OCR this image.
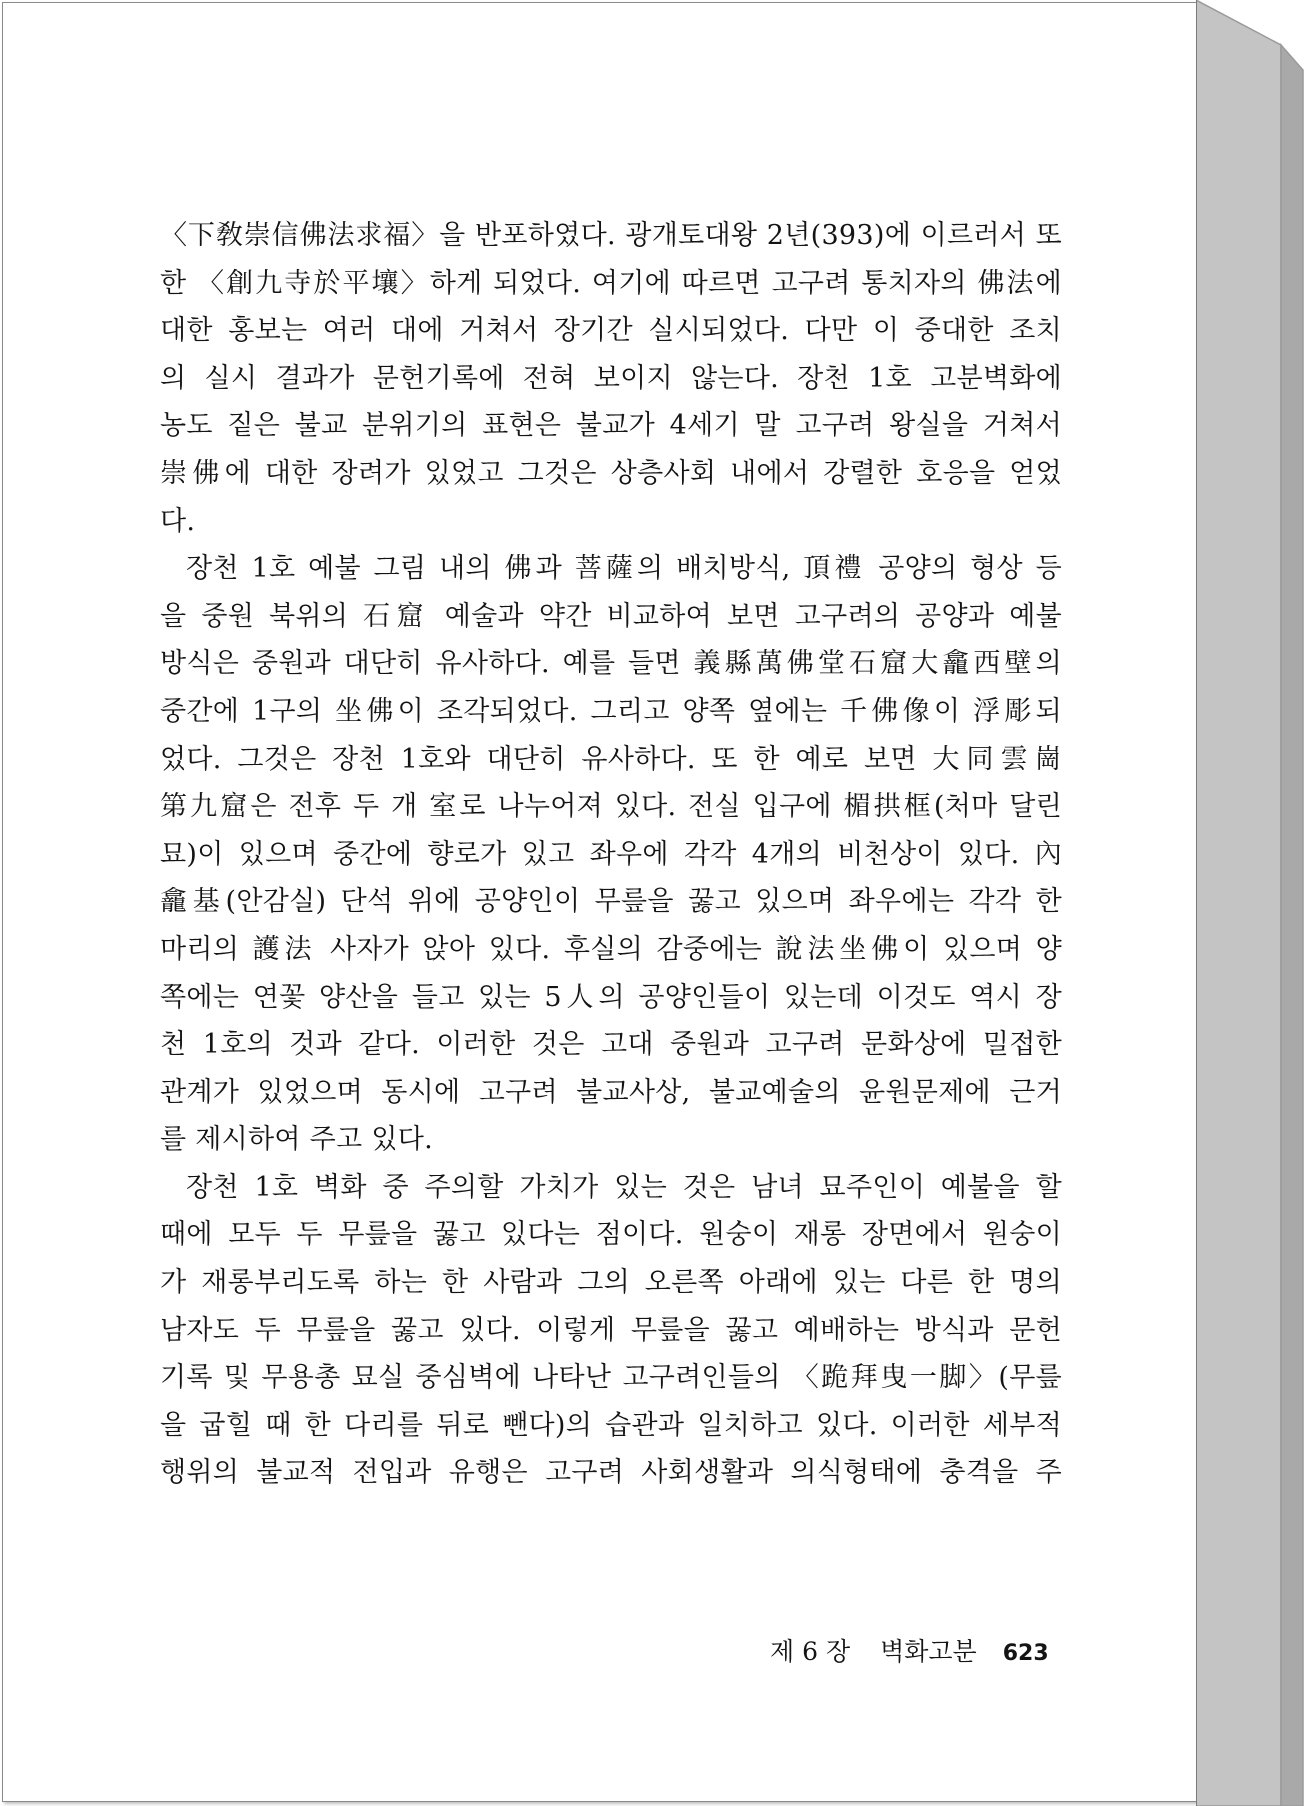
〈下敎崇信佛法求福〉을 반포하였다. 광개토대왕 2년(393)에 이르러서 또
한 〈創九寺於平壤〉하게 되었다. 여기에 따르면 고구려 통치자의 佛法에
대한 홍보는 여러 대에 거쳐서 장기간 실시되었다. 다만 이 중대한 조치
의 실시 결과가 문헌기록에 전혀 보이지 않는다. 장천 1호 고분벽화에
농도 짙은 불교 분위기의 표현은 불교가 4세기 말 고구려 왕실을 거쳐서
崇佛에 대한 장려가 있었고 그것은 상층사회 내에서 강렬한 호응을 얻었
다.

장천 1호 예불 그림 내의 佛과 菩薩의 배치방식, 頂禮 공양의 형상 등
을 중원 북위의 石窟 예술과 약간 비교하여 보면 고구려의 공양과 예불
방식은 중원과 대단히 유사하다. 예를 들면 義縣萬佛堂石窟大龕西壁의
중간에 1구의 坐佛이 조각되었다. 그리고 양쪽 옆에는 千佛像이 浮彫되
었다. 그것은 장천 1호와 대단히 유사하다. 또 한 예로 보면 大同雲崗
第九窟은 전후 두 개 室로 나누어져 있다. 전실 입구에 楣拱框(처마 달린
묘)이 있으며 중간에 향로가 있고 좌우에 각각 4개의 비천상이 있다. 內
龕基(안감실) 단석 위에 공양인이 무릎을 꿇고 있으며 좌우에는 각각 한
마리의 護法 사자가 앉아 있다. 후실의 감중에는 說法坐佛이 있으며 양
쪽에는 연꽃 양산을 들고 있는 5人의 공양인들이 있는데 이것도 역시 장
천 1호의 것과 같다. 이러한 것은 고대 중원과 고구려 문화상에 밀접한
관계가 있었으며 동시에 고구려 불교사상, 불교예술의 윤원문제에 근거
를 제시하여 주고 있다.

장천 1호 벽화 중 주의할 가치가 있는 것은 남녀 묘주인이 예불을 할
때에 모두 두 무릎을 꿇고 있다는 점이다. 원숭이 재롱 장면에서 원숭이
가 재롱부리도록 하는 한 사람과 그의 오른쪽 아래에 있는 다른 한 명의
남자도 두 무릎을 꿇고 있다. 이렇게 무릎을 꿇고 예배하는 방식과 문헌
기록 및 무용총 묘실 중심벽에 나타난 고구려인들의 〈跪拜曳一脚〉(무릎
을 굽힐 때 한 다리를 뒤로 뺀다)의 습관과 일치하고 있다. 이러한 세부적
행위의 불교적 전입과 유행은 고구려 사회생활과 의식형태에 충격을 주

제 6 장 벽화고분 623
